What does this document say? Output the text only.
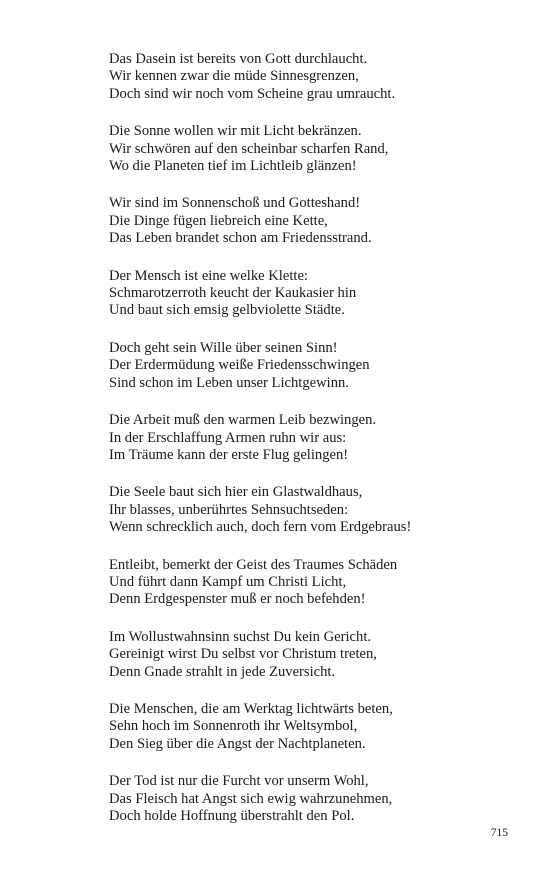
Das Dasein ist bereits von Gott durchlaucht.
Wir kennen zwar die müde Sinnesgrenzen,
Doch sind wir noch vom Scheine grau umraucht.
Die Sonne wollen wir mit Licht bekränzen.
Wir schwören auf den scheinbar scharfen Rand,
Wo die Planeten tief im Lichtleib glänzen!
Wir sind im Sonnenschoß und Gotteshand!
Die Dinge fügen liebreich eine Kette,
Das Leben brandet schon am Friedensstrand.
Der Mensch ist eine welke Klette:
Schmarotzerroth keucht der Kaukasier hin
Und baut sich emsig gelbviolette Städte.
Doch geht sein Wille über seinen Sinn!
Der Erdermüdung weiße Friedensschwingen
Sind schon im Leben unser Lichtgewinn.
Die Arbeit muß den warmen Leib bezwingen.
In der Erschlaffung Armen ruhn wir aus:
Im Träume kann der erste Flug gelingen!
Die Seele baut sich hier ein Glastwaldhaus,
Ihr blasses, unberührtes Sehnsuchtseden:
Wenn schrecklich auch, doch fern vom Erdgebraus!
Entleibt, bemerkt der Geist des Traumes Schäden
Und führt dann Kampf um Christi Licht,
Denn Erdgespenster muß er noch befehden!
Im Wollustwahnsinn suchst Du kein Gericht.
Gereinigt wirst Du selbst vor Christum treten,
Denn Gnade strahlt in jede Zuversicht.
Die Menschen, die am Werktag lichtwärts beten,
Sehn hoch im Sonnenroth ihr Weltsymbol,
Den Sieg über die Angst der Nachtplaneten.
Der Tod ist nur die Furcht vor unserm Wohl,
Das Fleisch hat Angst sich ewig wahrzunehmen,
Doch holde Hoffnung überstrahlt den Pol.
715
